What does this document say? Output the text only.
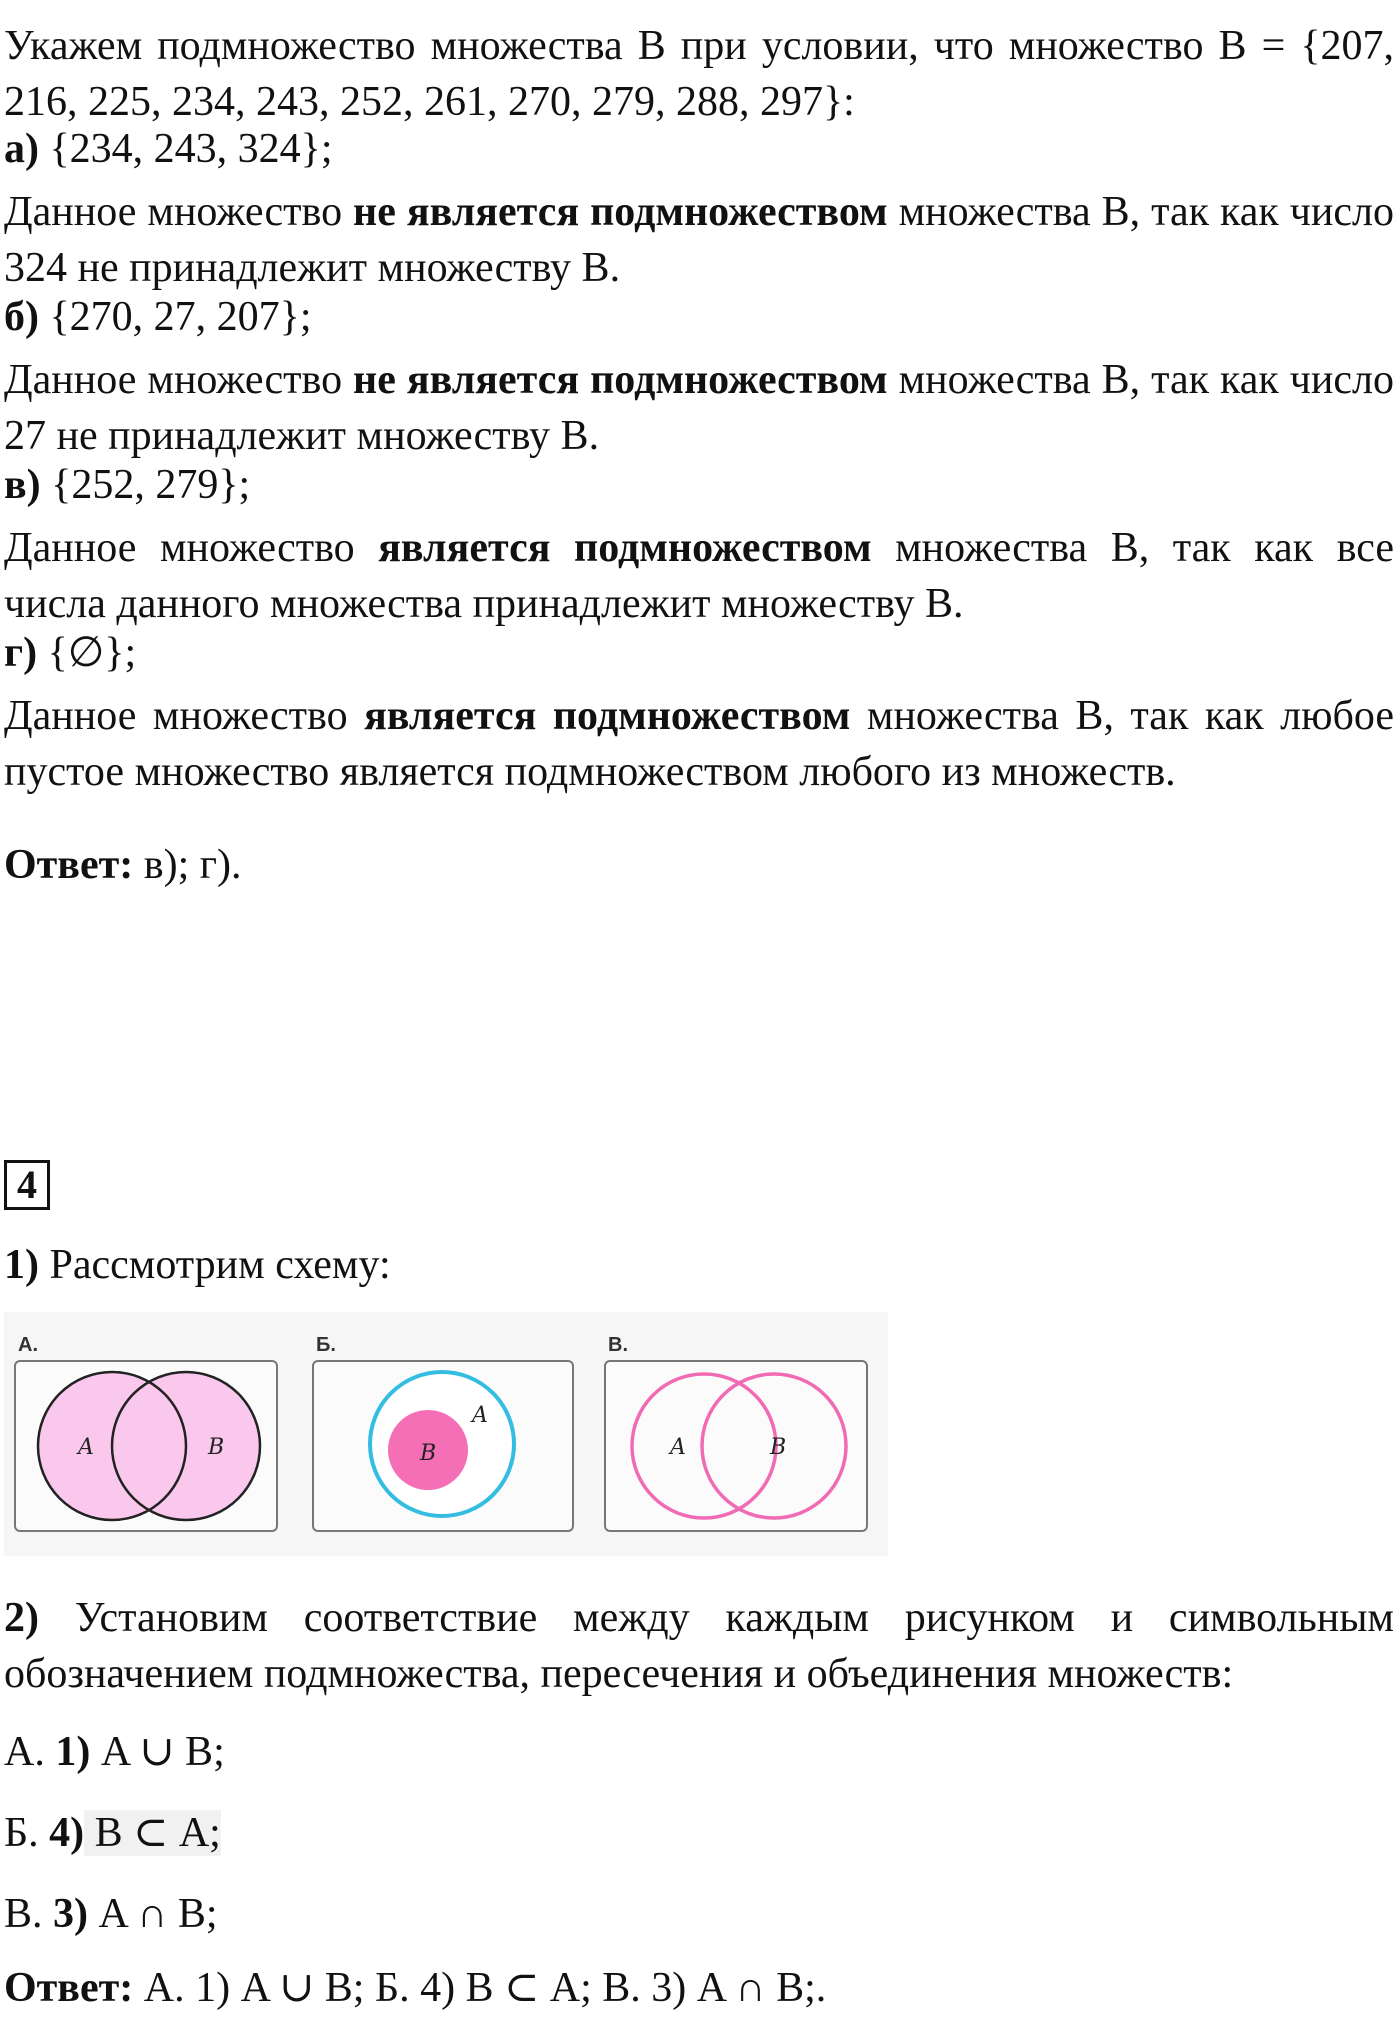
Укажем подмножество множества В при условии, что множество В = {207, 216, 225, 234, 243, 252, 261, 270, 279, 288, 297}:

а) {234, 243, 324};

Данное множество не является подмножеством множества В, так как число 324 не принадлежит множеству В.

б) {270, 27, 207};

Данное множество не является подмножеством множества В, так как число 27 не принадлежит множеству В.

в) {252, 279};

Данное множество является подмножеством множества В, так как все числа данного множества принадлежит множеству В.

г) {∅};

Данное множество является подмножеством множества В, так как любое пустое множество является подмножеством любого из множеств.

Ответ: в); г).

4

1) Рассмотрим схему:

А.
A	B
Б.
A
B
В.
A	B

2) Установим соответствие между каждым рисунком и символьным обозначением подмножества, пересечения и объединения множеств:

А. 1) A ∪ B;

Б. 4) В ⊂ А;

В. 3) A ∩ B;

Ответ: А. 1) A ∪ B; Б. 4) В ⊂ А; В. 3) A ∩ B;.
